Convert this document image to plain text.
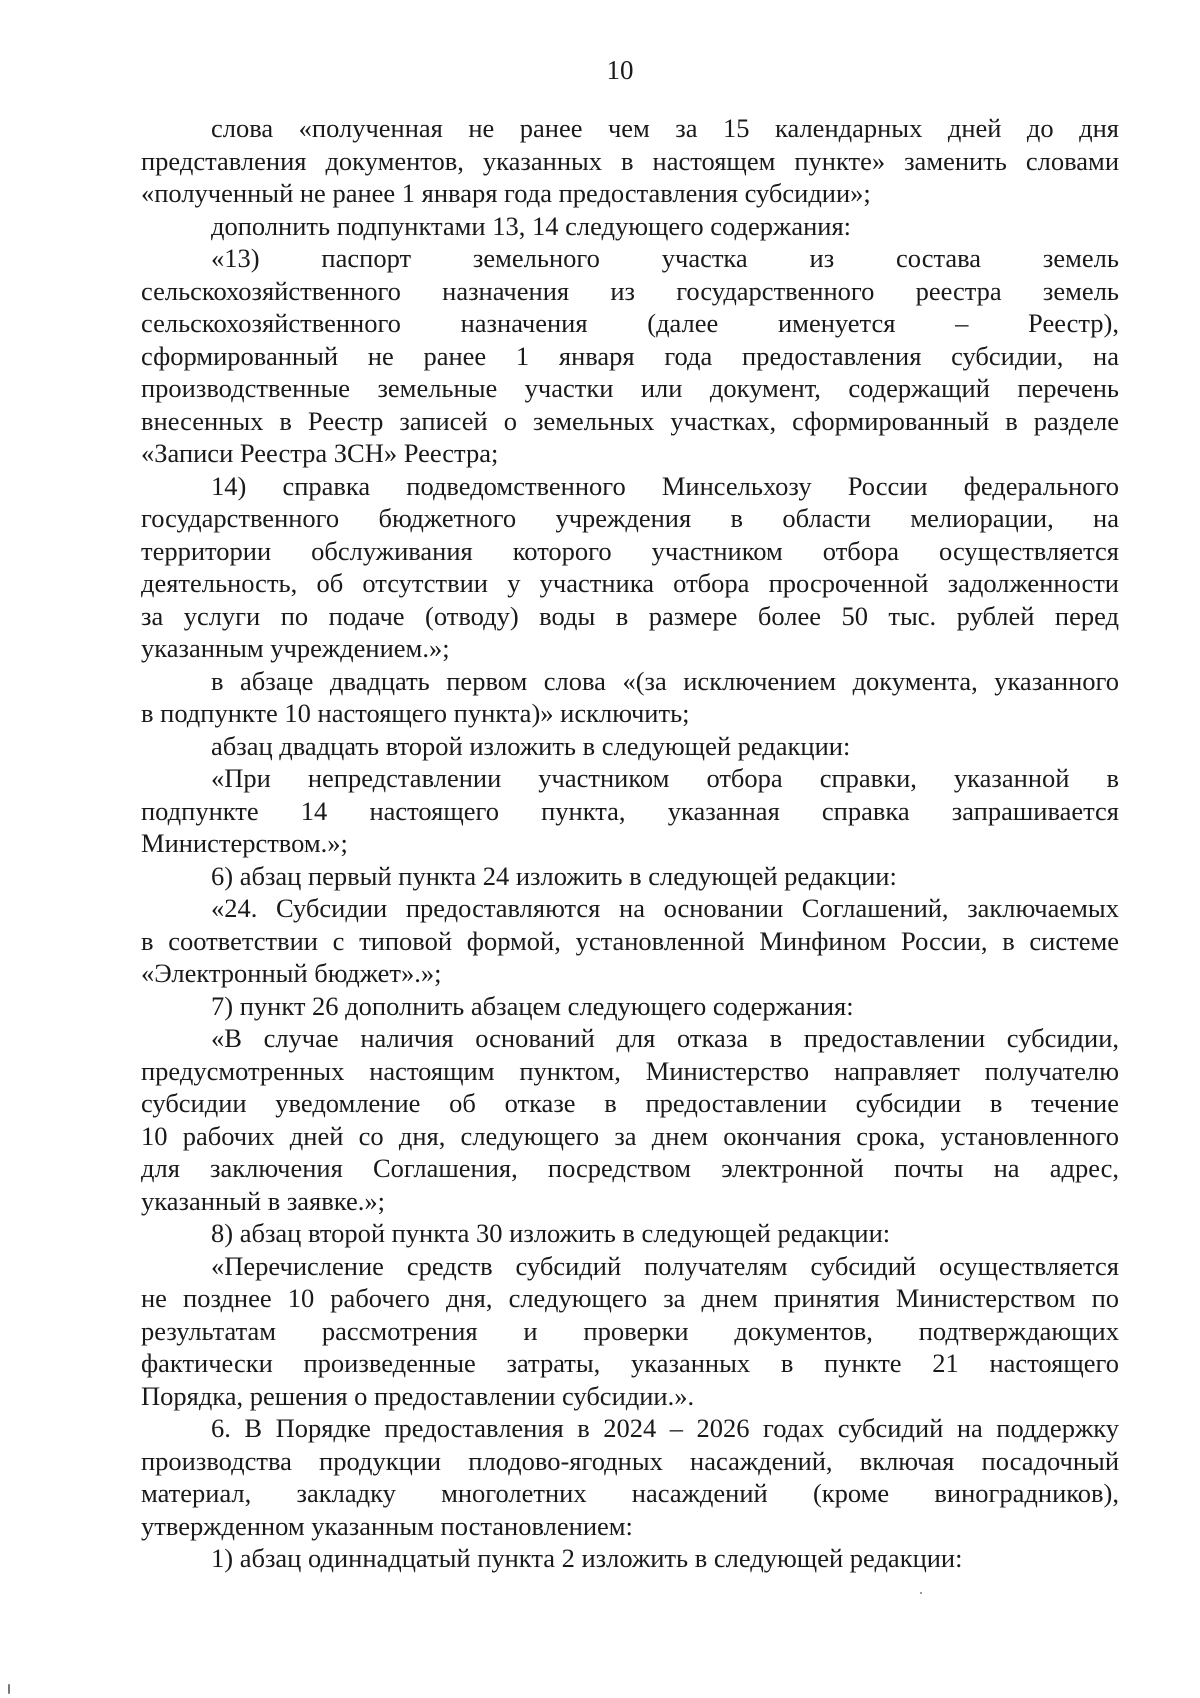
10
слова «полученная не ранее чем за 15 календарных дней до дня
представления документов, указанных в настоящем пункте» заменить словами
«полученный не ранее 1 января года предоставления субсидии»;
дополнить подпунктами 13, 14 следующего содержания:
«13) паспорт земельного участка из состава земель
сельскохозяйственного назначения из государственного реестра земель
сельскохозяйственного назначения (далее именуется – Реестр),
сформированный не ранее 1 января года предоставления субсидии, на
производственные земельные участки или документ, содержащий перечень
внесенных в Реестр записей о земельных участках, сформированный в разделе
«Записи Реестра ЗСН» Реестра;
14) справка подведомственного Минсельхозу России федерального
государственного бюджетного учреждения в области мелиорации, на
территории обслуживания которого участником отбора осуществляется
деятельность, об отсутствии у участника отбора просроченной задолженности
за услуги по подаче (отводу) воды в размере более 50 тыс. рублей перед
указанным учреждением.»;
в абзаце двадцать первом слова «(за исключением документа, указанного
в подпункте 10 настоящего пункта)» исключить;
абзац двадцать второй изложить в следующей редакции:
«При непредставлении участником отбора справки, указанной в
подпункте 14 настоящего пункта, указанная справка запрашивается
Министерством.»;
6) абзац первый пункта 24 изложить в следующей редакции:
«24. Субсидии предоставляются на основании Соглашений, заключаемых
в соответствии с типовой формой, установленной Минфином России, в системе
«Электронный бюджет».»;
7) пункт 26 дополнить абзацем следующего содержания:
«В случае наличия оснований для отказа в предоставлении субсидии,
предусмотренных настоящим пунктом, Министерство направляет получателю
субсидии уведомление об отказе в предоставлении субсидии в течение
10 рабочих дней со дня, следующего за днем окончания срока, установленного
для заключения Соглашения, посредством электронной почты на адрес,
указанный в заявке.»;
8) абзац второй пункта 30 изложить в следующей редакции:
«Перечисление средств субсидий получателям субсидий осуществляется
не позднее 10 рабочего дня, следующего за днем принятия Министерством по
результатам рассмотрения и проверки документов, подтверждающих
фактически произведенные затраты, указанных в пункте 21 настоящего
Порядка, решения о предоставлении субсидии.».
6. В Порядке предоставления в 2024 – 2026 годах субсидий на поддержку
производства продукции плодово-ягодных насаждений, включая посадочный
материал, закладку многолетних насаждений (кроме виноградников),
утвержденном указанным постановлением:
1) абзац одиннадцатый пункта 2 изложить в следующей редакции:
